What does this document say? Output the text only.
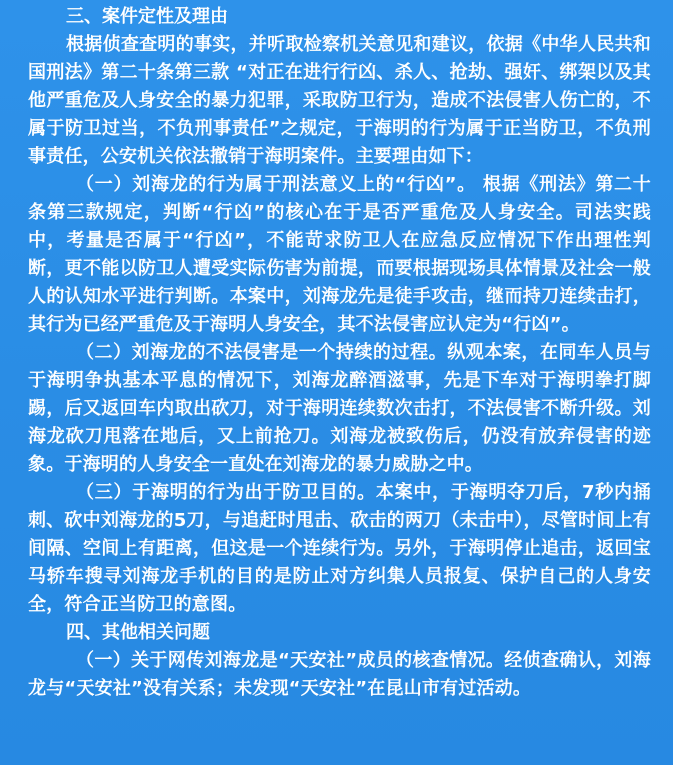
三、案件定性及理由

根据侦查查明的事实，并听取检察机关意见和建议，依据《中华人民共和国刑法》第二十条第三款 “对正在进行行凶、杀人、抢劫、强奸、绑架以及其他严重危及人身安全的暴力犯罪，采取防卫行为，造成不法侵害人伤亡的，不属于防卫过当，不负刑事责任”之规定，于海明的行为属于正当防卫，不负刑事责任，公安机关依法撤销于海明案件。主要理由如下：

（一）刘海龙的行为属于刑法意义上的“行凶”。 根据《刑法》第二十条第三款规定，判断“行凶”的核心在于是否严重危及人身安全。司法实践中，考量是否属于“行凶”，不能苛求防卫人在应急反应情况下作出理性判断，更不能以防卫人遭受实际伤害为前提，而要根据现场具体情景及社会一般人的认知水平进行判断。本案中，刘海龙先是徒手攻击，继而持刀连续击打，其行为已经严重危及于海明人身安全，其不法侵害应认定为“行凶”。

（二）刘海龙的不法侵害是一个持续的过程。纵观本案，在同车人员与于海明争执基本平息的情况下，刘海龙醉酒滋事，先是下车对于海明拳打脚踢，后又返回车内取出砍刀，对于海明连续数次击打，不法侵害不断升级。刘海龙砍刀甩落在地后，又上前抢刀。刘海龙被致伤后，仍没有放弃侵害的迹象。于海明的人身安全一直处在刘海龙的暴力威胁之中。

（三）于海明的行为出于防卫目的。本案中，于海明夺刀后，7秒内捅刺、砍中刘海龙的5刀，与追赶时甩击、砍击的两刀（未击中），尽管时间上有间隔、空间上有距离，但这是一个连续行为。另外，于海明停止追击，返回宝马轿车搜寻刘海龙手机的目的是防止对方纠集人员报复、保护自己的人身安全，符合正当防卫的意图。

四、其他相关问题

（一）关于网传刘海龙是“天安社”成员的核查情况。经侦查确认，刘海龙与“天安社”没有关系；未发现“天安社”在昆山市有过活动。
